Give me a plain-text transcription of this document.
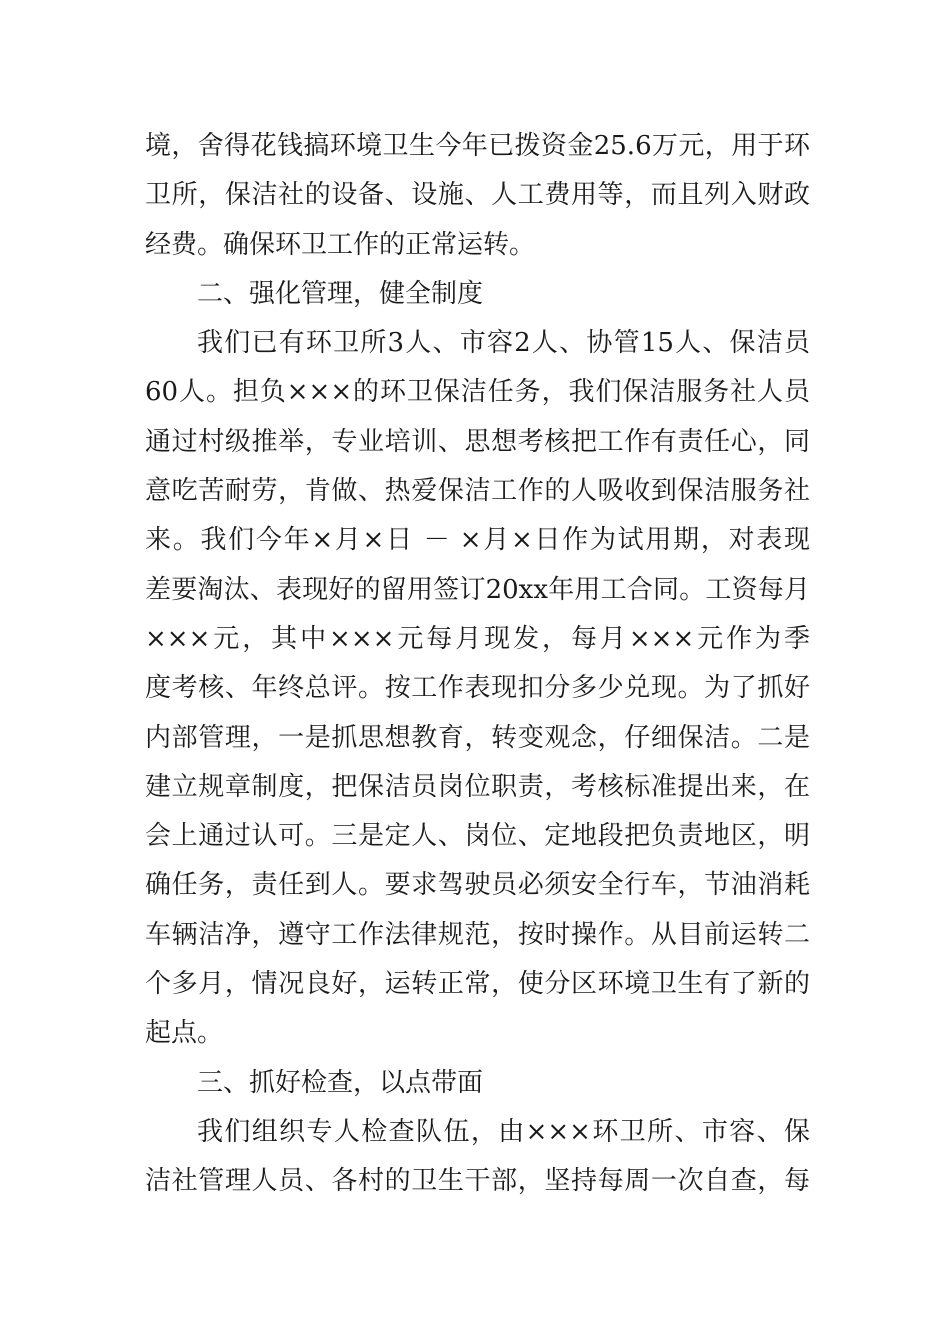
境，舍得花钱搞环境卫生今年已拨资金25.6万元，用于环
卫所，保洁社的设备、设施、人工费用等，而且列入财政
经费。确保环卫工作的正常运转。
二、强化管理，健全制度
我们已有环卫所3人、市容2人、协管15人、保洁员
60人。担负×××的环卫保洁任务，我们保洁服务社人员
通过村级推举，专业培训、思想考核把工作有责任心，同
意吃苦耐劳，肯做、热爱保洁工作的人吸收到保洁服务社
来。我们今年×月×日 － ×月×日作为试用期，对表现
差要淘汰、表现好的留用签订20xx年用工合同。工资每月
×××元，其中×××元每月现发，每月×××元作为季
度考核、年终总评。按工作表现扣分多少兑现。为了抓好
内部管理，一是抓思想教育，转变观念，仔细保洁。二是
建立规章制度，把保洁员岗位职责，考核标准提出来，在
会上通过认可。三是定人、岗位、定地段把负责地区，明
确任务，责任到人。要求驾驶员必须安全行车，节油消耗
车辆洁净，遵守工作法律规范，按时操作。从目前运转二
个多月，情况良好，运转正常，使分区环境卫生有了新的
起点。
三、抓好检查，以点带面
我们组织专人检查队伍，由×××环卫所、市容、保
洁社管理人员、各村的卫生干部，坚持每周一次自查，每
